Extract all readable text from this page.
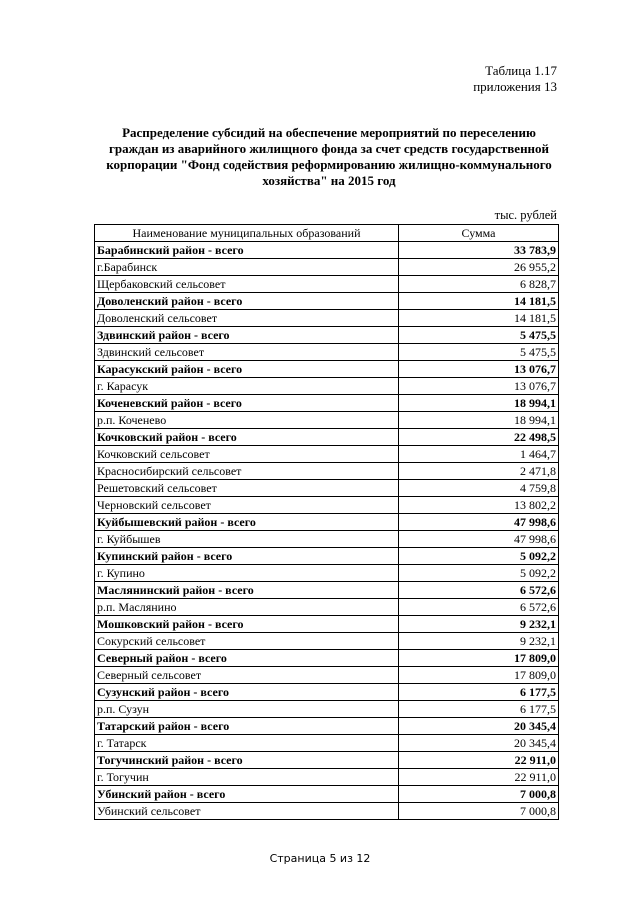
Таблица 1.17
приложения 13
Распределение субсидий на обеспечение мероприятий по переселению граждан из аварийного жилищного фонда за счет средств государственной корпорации "Фонд содействия реформированию жилищно-коммунального хозяйства" на 2015 год
тыс. рублей
Наименование муниципальных образований	Сумма
Барабинский район - всего	33 783,9
г.Барабинск	26 955,2
Щербаковский сельсовет	6 828,7
Доволенский район - всего	14 181,5
Доволенский сельсовет	14 181,5
Здвинский район - всего	5 475,5
Здвинский сельсовет	5 475,5
Карасукский район - всего	13 076,7
г. Карасук	13 076,7
Коченевский район - всего	18 994,1
р.п. Коченево	18 994,1
Кочковский район - всего	22 498,5
Кочковский сельсовет	1 464,7
Красносибирский сельсовет	2 471,8
Решетовский сельсовет	4 759,8
Черновский сельсовет	13 802,2
Куйбышевский район - всего	47 998,6
г. Куйбышев	47 998,6
Купинский район - всего	5 092,2
г. Купино	5 092,2
Маслянинский район - всего	6 572,6
р.п. Маслянино	6 572,6
Мошковский район - всего	9 232,1
Сокурский сельсовет	9 232,1
Северный район - всего	17 809,0
Северный сельсовет	17 809,0
Сузунский район - всего	6 177,5
р.п. Сузун	6 177,5
Татарский район - всего	20 345,4
г. Татарск	20 345,4
Тогучинский район - всего	22 911,0
г. Тогучин	22 911,0
Убинский район - всего	7 000,8
Убинский сельсовет	7 000,8
Страница 5 из 12
